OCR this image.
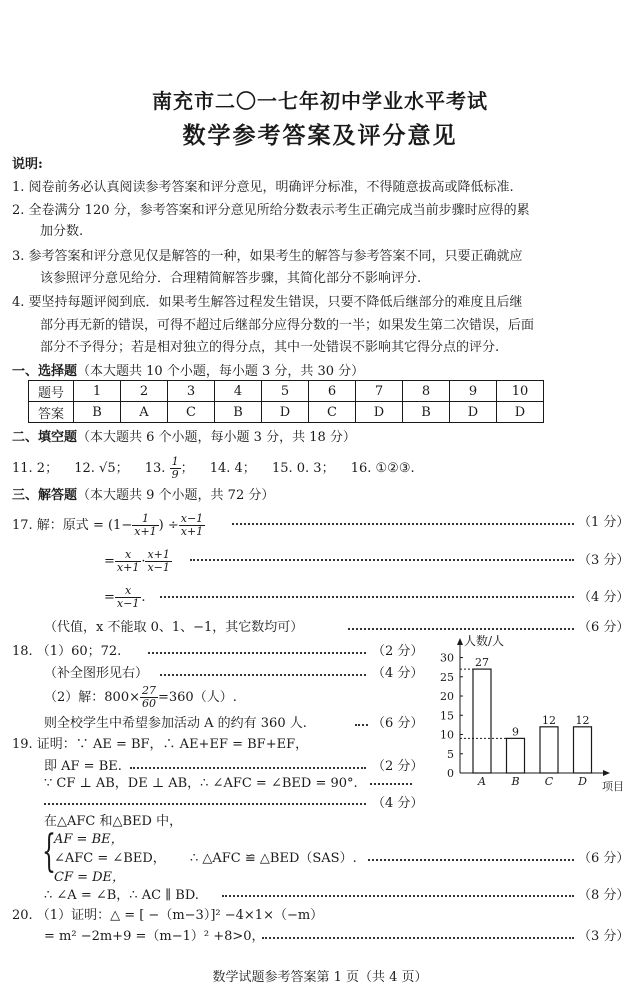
南充市二〇一七年初中学业水平考试
数学参考答案及评分意见
说明:
1. 阅卷前务必认真阅读参考答案和评分意见，明确评分标准，不得随意拔高或降低标准.
2. 全卷满分 120 分，参考答案和评分意见所给分数表示考生正确完成当前步骤时应得的累
加分数.
3. 参考答案和评分意见仅是解答的一种，如果考生的解答与参考答案不同，只要正确就应
该参照评分意见给分．合理精简解答步骤，其简化部分不影响评分.
4. 要坚持每题评阅到底．如果考生解答过程发生错误，只要不降低后继部分的难度且后继
部分再无新的错误，可得不超过后继部分应得分数的一半；如果发生第二次错误，后面
部分不予得分；若是相对独立的得分点，其中一处错误不影响其它得分点的评分.
一、选择题（本大题共 10 个小题，每小题 3 分，共 30 分）
题号	1	2	3	4	5	6	7	8	9	10
答案	B	A	C	B	D	C	D	B	D	D
二、填空题（本大题共 6 个小题，每小题 3 分，共 18 分）
11. 2； 12. √5； 13. $\frac{1}{9}$ ； 14. 4； 15. 0. 3； 16. ①②③.
三、解答题（本大题共 9 个小题，共 72 分）
17. 解：原式 = ($1- \frac{1}{x+1}$ ) ÷ $\frac{x-1}{x+1}$	（1 分）
= $\frac{x}{x+1} \cdot \frac{x+1}{x-1}$	（3 分）
= $\frac{x}{x-1}$ .	（4 分）
（代值，x 不能取 0、1、−1，其它数均可）	（6 分）
18. （1）60；72.	（2 分）
（补全图形见右）	（4 分）
（2）解：$800\times \frac{27}{60} =360$（人）.
则全校学生中希望参加活动 A 的约有 360 人.	（6 分）
19. 证明：∵ AE = BF，∴ AE+EF = BF+EF，
即 AF = BE.	（2 分）
∵ CF ⊥ AB，DE ⊥ AB，∴ ∠AFC = ∠BED = 90°.
（4 分）
在△AFC 和△BED 中，
{
AF = BE，
∠AFC = ∠BED，
CF = DE，
∴ △AFC ≌ △BED（SAS）.	（6 分）
∴ ∠A = ∠B，∴ AC ∥ BD.	（8 分）
20. （1）证明：△ = [ −（m−3）]² −4×1×（−m）
= m² −2m+9 =（m−1）² +8>0，	（3 分）
数学试题参考答案第 1 页（共 4 页）
人数/人
项目
0
5
10
15
20
25
30 27
A
9
B
12
C
12
D
